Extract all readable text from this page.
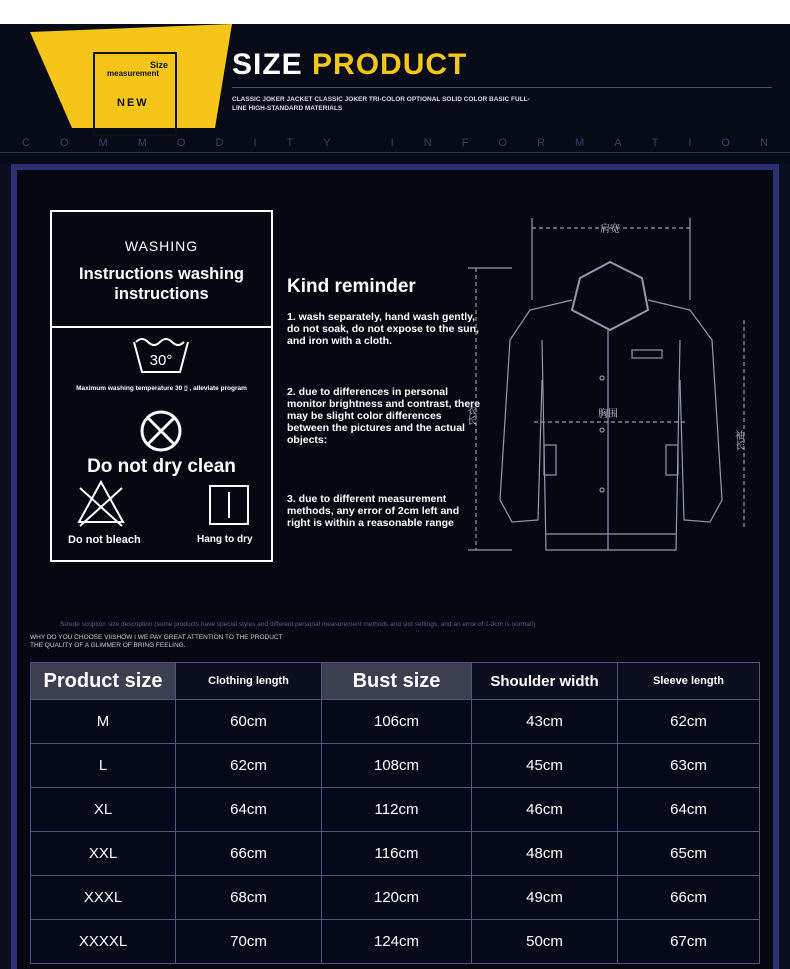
Size
measurement
NEW
SIZE PRODUCT
CLASSIC JOKER JACKET CLASSIC JOKER TRI-COLOR OPTIONAL SOLID COLOR BASIC FULL-LINE HIGH-STANDARD MATERIALS
C	O	M	M	O	D	I	T	Y	I	N	F	O	R	M	A	T	I	O	N
WASHING
Instructions washing instructions
30°
Maximum washing temperature 30 ▯ , alleviate program
Do not dry clean
Do not bleach	Hang to dry
Kind reminder
1. wash separately, hand wash gently, do not soak, do not expose to the sun, and iron with a cloth.
2. due to differences in personal monitor brightness and contrast, there may be slight color differences between the pictures and the actual objects:
3. due to different measurement methods, any error of 2cm left and right is within a reasonable range
肩宽
衣长	胸围
袖长
Sizede scription size description (some products have special styles and different personal measurement methods and slot settings, and an error of 1-3cm is normal!)
WHY DO YOU CHOOSE VIISHOW I WE PAY GREAT ATTENTION TO THE PRODUCT
THE QUALITY OF A GLIMMER OF BRING FEELING.
Product size	Clothing length	Bust size	Shoulder width	Sleeve length
M	60cm	106cm	43cm	62cm
L	62cm	108cm	45cm	63cm
XL	64cm	112cm	46cm	64cm
XXL	66cm	116cm	48cm	65cm
XXXL	68cm	120cm	49cm	66cm
XXXXL	70cm	124cm	50cm	67cm
